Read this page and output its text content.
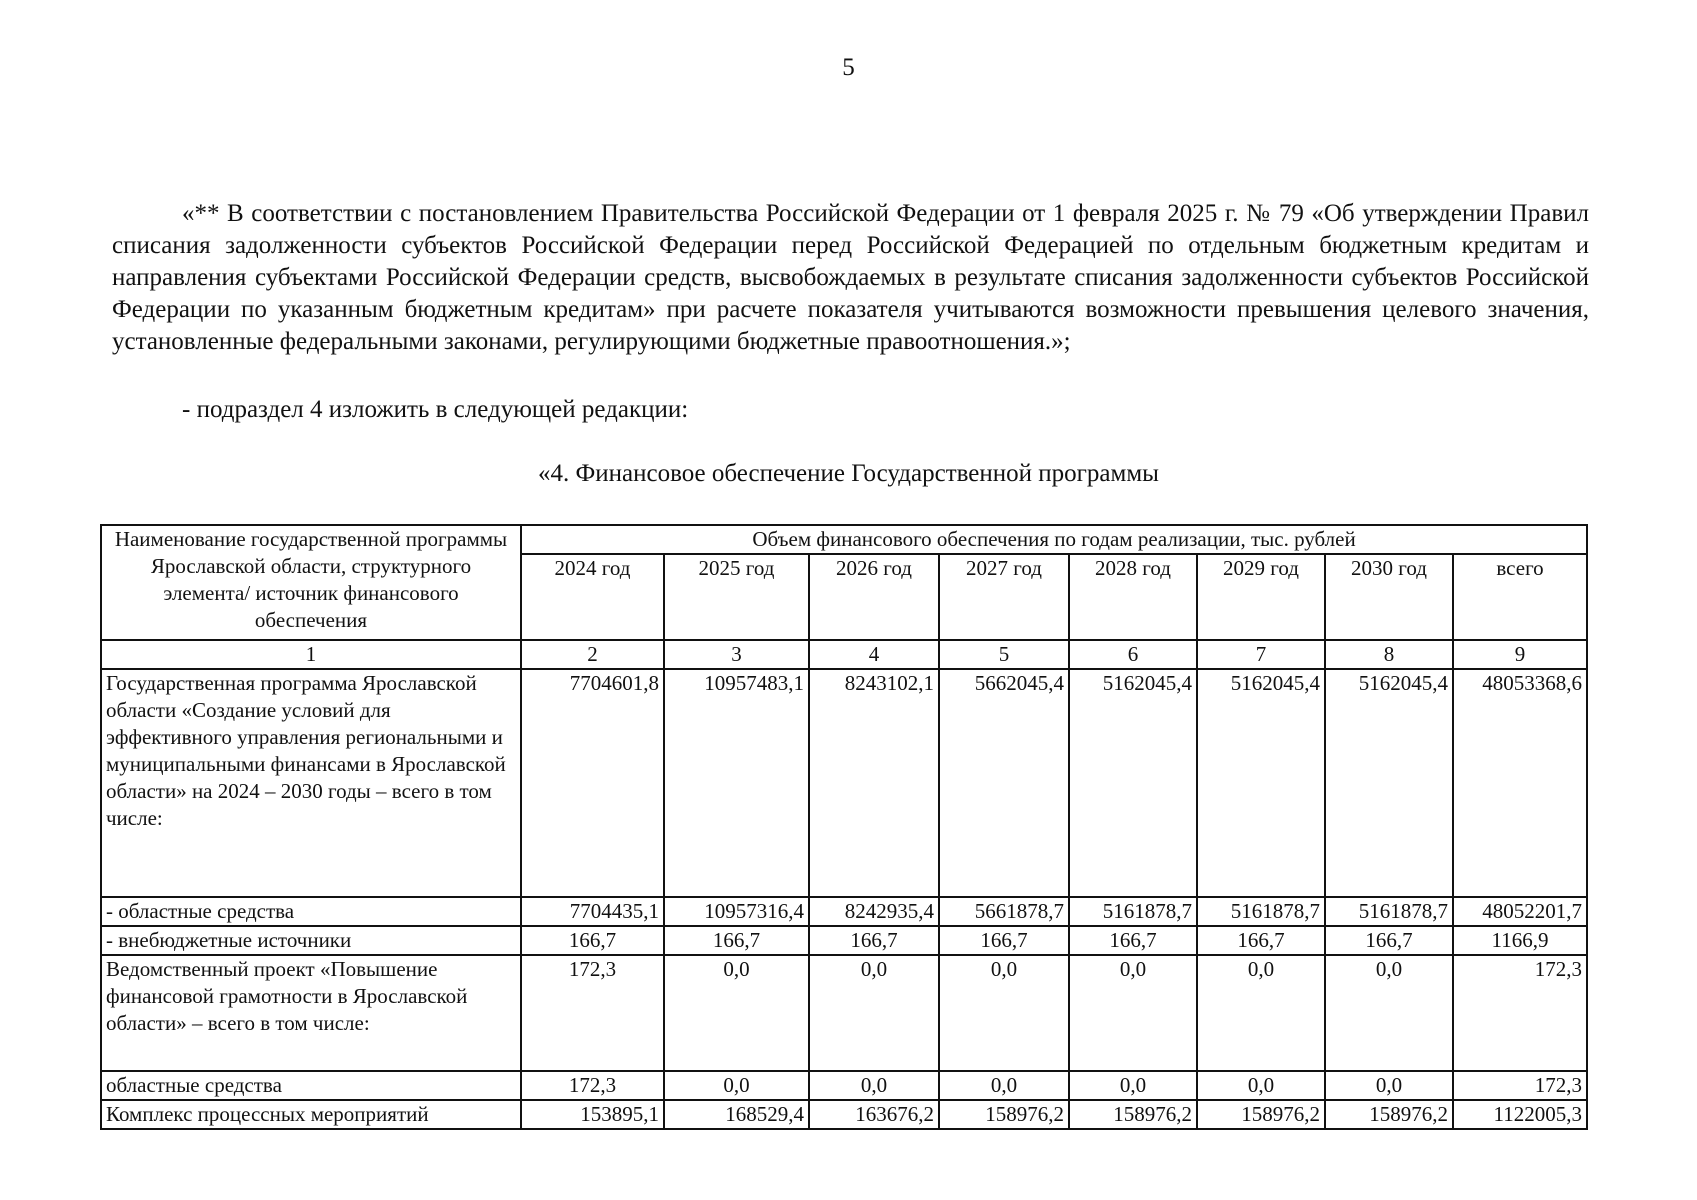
5
«** В соответствии с постановлением Правительства Российской Федерации от 1 февраля 2025 г. № 79 «Об утверждении Правил списания задолженности субъектов Российской Федерации перед Российской Федерацией по отдельным бюджетным кредитам и направления субъектами Российской Федерации средств, высвобождаемых в результате списания задолженности субъектов Российской Федерации по указанным бюджетным кредитам» при расчете показателя учитываются возможности превышения целевого значения, установленные федеральными законами, регулирующими бюджетные правоотношения.»;
- подраздел 4 изложить в следующей редакции:
«4. Финансовое обеспечение Государственной программы
Наименование государственной программы Ярославской области, структурного элемента/ источник финансового обеспечения	Объем финансового обеспечения по годам реализации, тыс. рублей							
	2024 год	2025 год	2026 год	2027 год	2028 год	2029 год	2030 год	всего
1	2	3	4	5	6	7	8	9
Государственная программа Ярославской области «Создание условий для эффективного управления региональными и муниципальными финансами в Ярославской области» на 2024 – 2030 годы – всего в том числе:	7704601,8	10957483,1	8243102,1	5662045,4	5162045,4	5162045,4	5162045,4	48053368,6
- областные средства	7704435,1	10957316,4	8242935,4	5661878,7	5161878,7	5161878,7	5161878,7	48052201,7
- внебюджетные источники	166,7	166,7	166,7	166,7	166,7	166,7	166,7	1166,9
Ведомственный проект «Повышение финансовой грамотности в Ярославской области» – всего в том числе:	172,3	0,0	0,0	0,0	0,0	0,0	0,0	172,3
областные средства	172,3	0,0	0,0	0,0	0,0	0,0	0,0	172,3
Комплекс процессных мероприятий	153895,1	168529,4	163676,2	158976,2	158976,2	158976,2	158976,2	1122005,3
